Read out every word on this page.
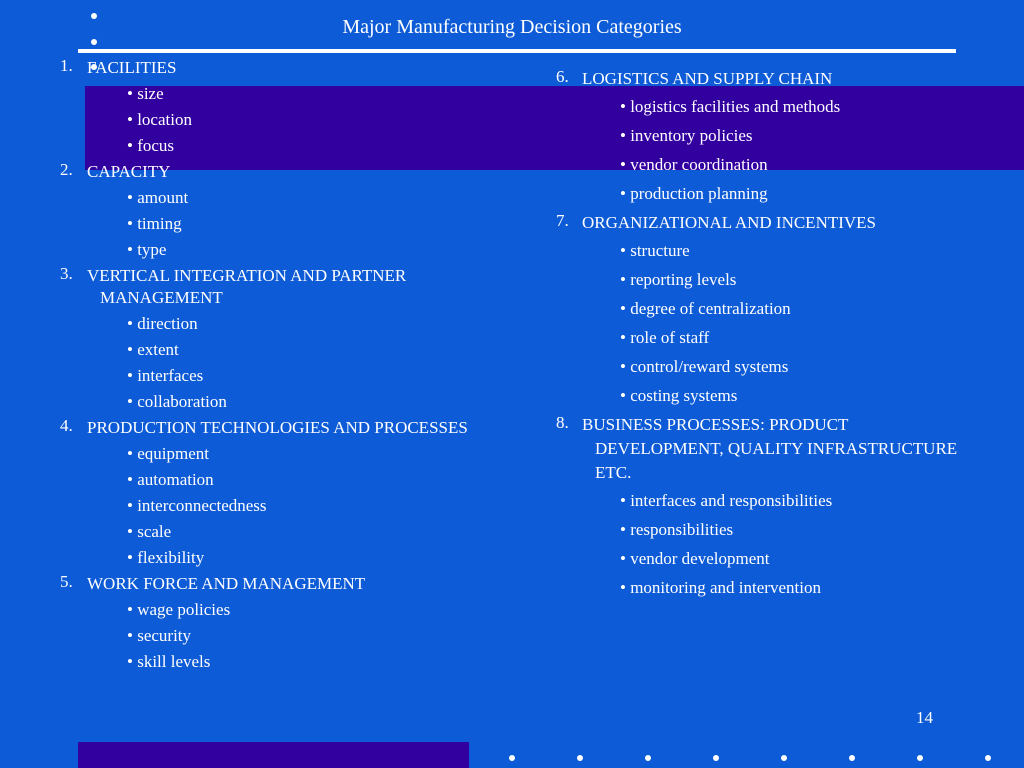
Major Manufacturing Decision Categories
1. FACILITIES
• size
• location
• focus
2. CAPACITY
• amount
• timing
• type
3. VERTICAL INTEGRATION AND PARTNER
MANAGEMENT
• direction
• extent
• interfaces
• collaboration
4. PRODUCTION TECHNOLOGIES AND PROCESSES
• equipment
• automation
• interconnectedness
• scale
• flexibility
5. WORK FORCE AND MANAGEMENT
• wage policies
• security
• skill levels
6. LOGISTICS AND SUPPLY CHAIN
• logistics facilities and methods
• inventory policies
• vendor coordination
• production planning
7. ORGANIZATIONAL AND INCENTIVES
• structure
• reporting levels
• degree of centralization
• role of staff
• control/reward systems
• costing systems
8. BUSINESS PROCESSES: PRODUCT
DEVELOPMENT, QUALITY INFRASTRUCTURE
ETC.
• interfaces and responsibilities
• responsibilities
• vendor development
• monitoring and intervention
14
